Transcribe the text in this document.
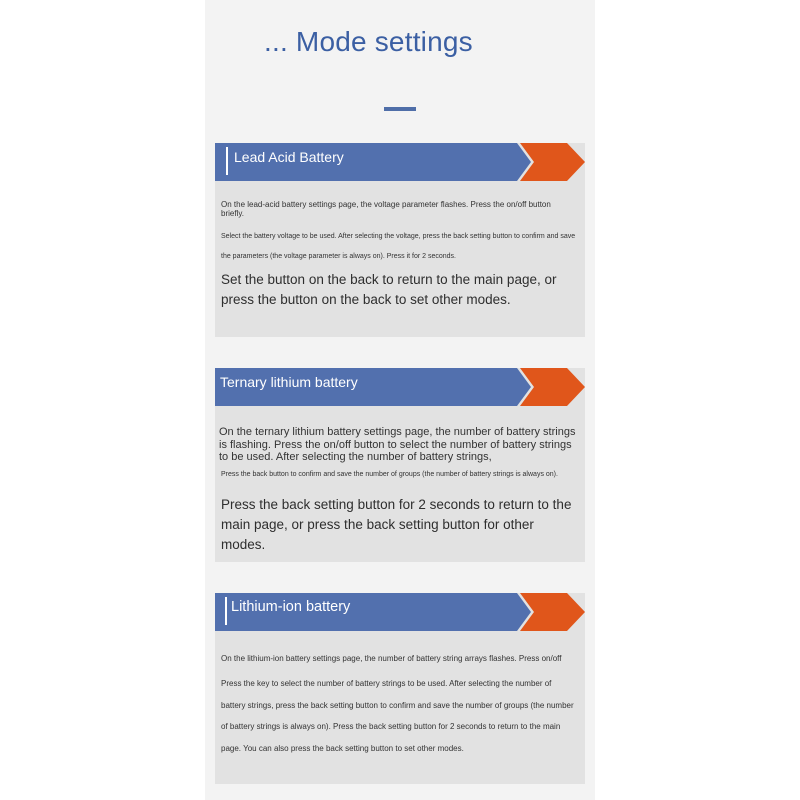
... Mode settings
Lead Acid Battery

On the lead-acid battery settings page, the voltage parameter flashes. Press the on/off button briefly.

Select the battery voltage to be used. After selecting the voltage, press the back setting button to confirm and save the parameters (the voltage parameter is always on). Press it for 2 seconds.

Set the button on the back to return to the main page, or press the button on the back to set other modes.

Ternary lithium battery

On the ternary lithium battery settings page, the number of battery strings is flashing. Press the on/off button to select the number of battery strings to be used. After selecting the number of battery strings,

Press the back button to confirm and save the number of groups (the number of battery strings is always on).

Press the back setting button for 2 seconds to return to the main page, or press the back setting button for other modes.

Lithium-ion battery

On the lithium-ion battery settings page, the number of battery string arrays flashes. Press on/off

Press the key to select the number of battery strings to be used. After selecting the number of battery strings, press the back setting button to confirm and save the number of groups (the number of battery strings is always on). Press the back setting button for 2 seconds to return to the main page. You can also press the back setting button to set other modes.
